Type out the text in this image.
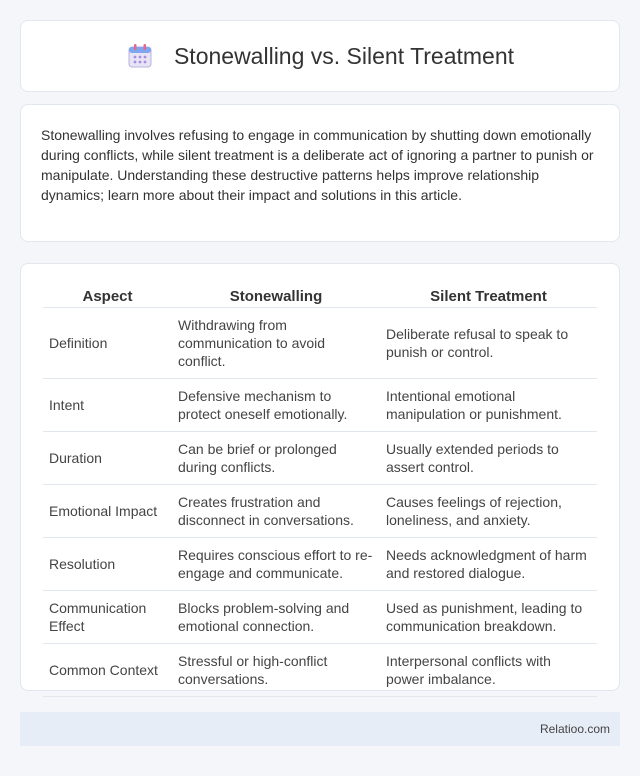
Stonewalling vs. Silent Treatment

Stonewalling involves refusing to engage in communication by shutting down emotionally during conflicts, while silent treatment is a deliberate act of ignoring a partner to punish or manipulate. Understanding these destructive patterns helps improve relationship dynamics; learn more about their impact and solutions in this article.

Aspect	Stonewalling	Silent Treatment
Definition	Withdrawing from communication to avoid conflict.	Deliberate refusal to speak to punish or control.
Intent	Defensive mechanism to protect oneself emotionally.	Intentional emotional manipulation or punishment.
Duration	Can be brief or prolonged during conflicts.	Usually extended periods to assert control.
Emotional Impact	Creates frustration and disconnect in conversations.	Causes feelings of rejection, loneliness, and anxiety.
Resolution	Requires conscious effort to re-engage and communicate.	Needs acknowledgment of harm and restored dialogue.
Communication Effect	Blocks problem-solving and emotional connection.	Used as punishment, leading to communication breakdown.
Common Context	Stressful or high-conflict conversations.	Interpersonal conflicts with power imbalance.
Relatioo.com
